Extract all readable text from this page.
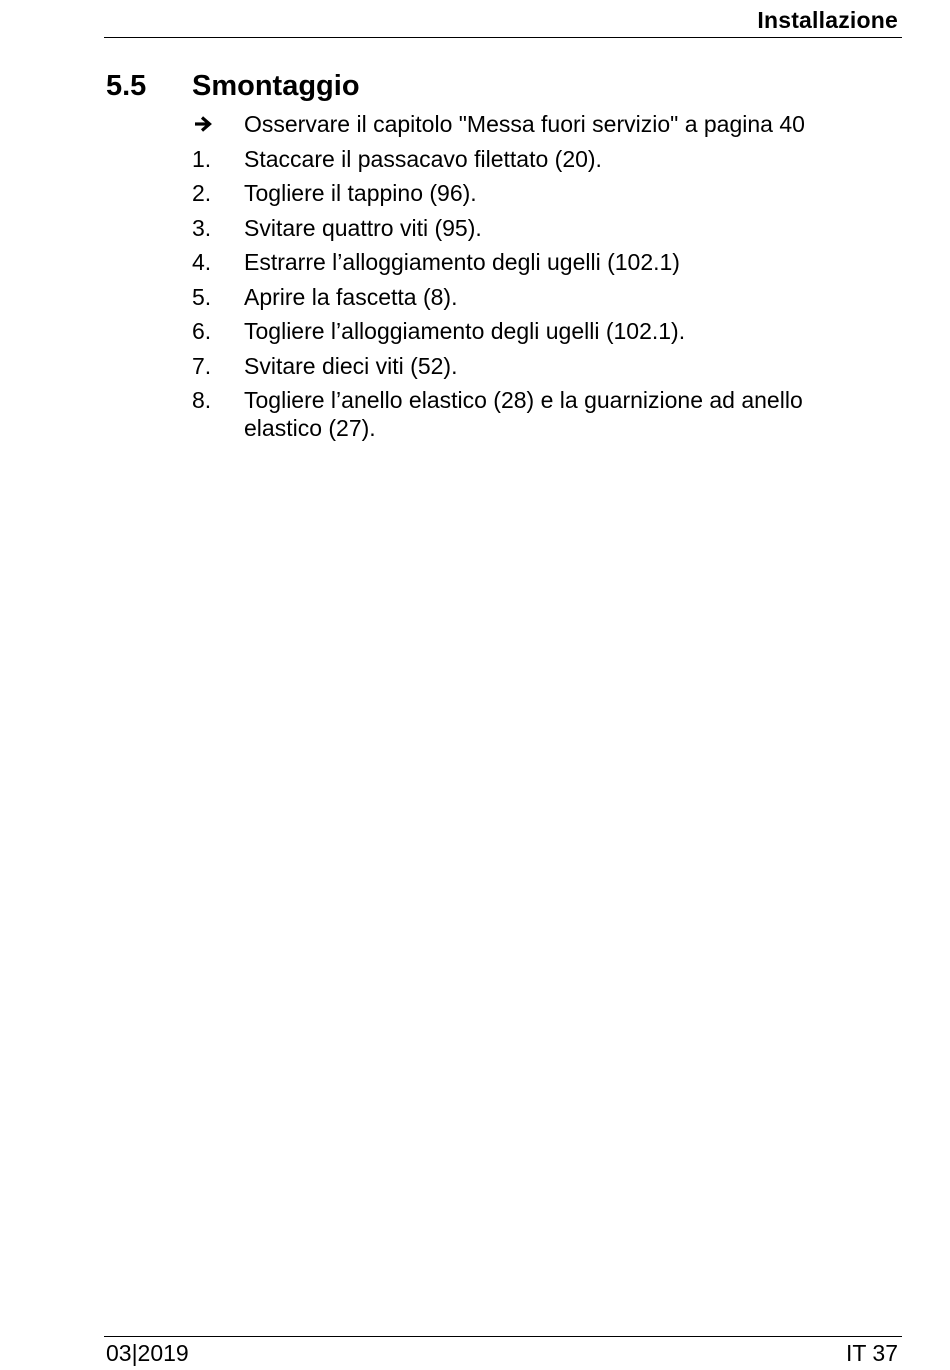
Installazione
5.5 Smontaggio
Osservare il capitolo "Messa fuori servizio" a pagina 40
1.	Staccare il passacavo filettato (20).
2.	Togliere il tappino (96).
3.	Svitare quattro viti (95).
4.	Estrarre l’alloggiamento degli ugelli (102.1)
5.	Aprire la fascetta (8).
6.	Togliere l’alloggiamento degli ugelli (102.1).
7.	Svitare dieci viti (52).
8.	Togliere l’anello elastico (28) e la guarnizione ad anello elastico (27).
03|2019	IT 37
